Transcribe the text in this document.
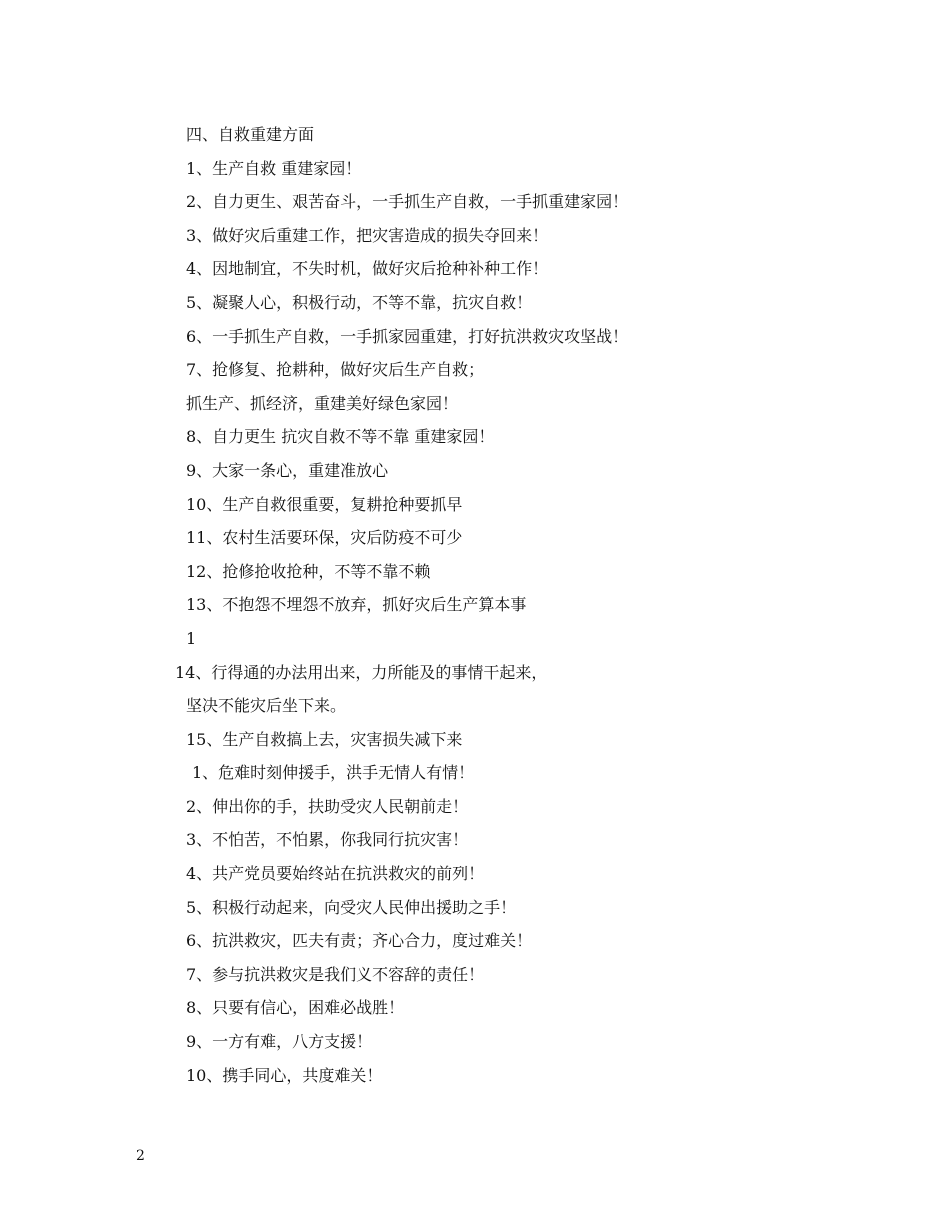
四、自救重建方面
1、生产自救 重建家园！
2、自力更生、艰苦奋斗，一手抓生产自救，一手抓重建家园！
3、做好灾后重建工作，把灾害造成的损失夺回来！
4、因地制宜，不失时机，做好灾后抢种补种工作！
5、凝聚人心，积极行动，不等不靠，抗灾自救！
6、一手抓生产自救，一手抓家园重建，打好抗洪救灾攻坚战！
7、抢修复、抢耕种，做好灾后生产自救；
抓生产、抓经济，重建美好绿色家园！
8、自力更生 抗灾自救不等不靠 重建家园！
9、大家一条心，重建准放心
10、生产自救很重要，复耕抢种要抓早
11、农村生活要环保，灾后防疫不可少
12、抢修抢收抢种，不等不靠不赖
13、不抱怨不埋怨不放弃，抓好灾后生产算本事
1
14、行得通的办法用出来，力所能及的事情干起来，
坚决不能灾后坐下来。
15、生产自救搞上去，灾害损失减下来
1、危难时刻伸援手，洪手无情人有情！
2、伸出你的手，扶助受灾人民朝前走！
3、不怕苦，不怕累，你我同行抗灾害！
4、共产党员要始终站在抗洪救灾的前列！
5、积极行动起来，向受灾人民伸出援助之手！
6、抗洪救灾，匹夫有责；齐心合力，度过难关！
7、参与抗洪救灾是我们义不容辞的责任！
8、只要有信心，困难必战胜！
9、一方有难，八方支援！
10、携手同心，共度难关！
2
